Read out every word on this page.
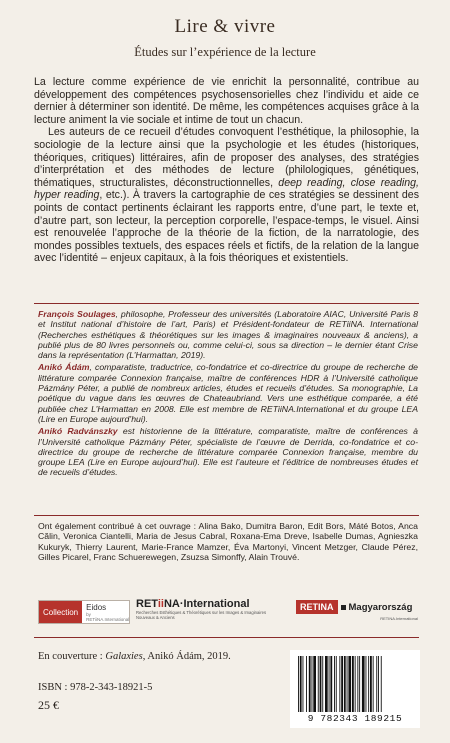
Lire & vivre
Études sur l’expérience de la lecture

La lecture comme expérience de vie enrichit la personnalité, contribue au développement des compétences psychosensorielles chez l’individu et aide ce dernier à déterminer son identité. De même, les compétences acquises grâce à la lecture animent la vie sociale et intime de tout un chacun.

Les auteurs de ce recueil d’études convoquent l’esthétique, la philosophie, la sociologie de la lecture ainsi que la psychologie et les études (historiques, théoriques, critiques) littéraires, afin de proposer des analyses, des stratégies d’interprétation et des méthodes de lecture (philologiques, génétiques, thématiques, structuralistes, déconstructionnelles, deep reading, close reading, hyper reading, etc.). À travers la cartographie de ces stratégies se dessinent des points de contact pertinents éclairant les rapports entre, d’une part, le texte et, d’autre part, son lecteur, la perception corporelle, l’espace-temps, le visuel. Ainsi est renouvelée l’approche de la théorie de la fiction, de la narratologie, des mondes possibles textuels, des espaces réels et fictifs, de la relation de la langue avec l’identité – enjeux capitaux, à la fois théoriques et existentiels.

François Soulages, philosophe, Professeur des universités (Laboratoire AIAC, Université Paris 8 et Institut national d’histoire de l’art, Paris) et Président-fondateur de RETiiNA. International (Recherches esthétiques & théorétiques sur les images & imaginaires nouveaux & anciens), a publié plus de 80 livres personnels ou, comme celui-ci, sous sa direction – le dernier étant Crise dans la représentation (L’Harmattan, 2019).

Anikó Ádám, comparatiste, traductrice, co-fondatrice et co-directrice du groupe de recherche de littérature comparée Connexion française, maître de conférences HDR à l’Université catholique Pázmány Péter, a publié de nombreux articles, études et recueils d’études. Sa monographie, La poétique du vague dans les œuvres de Chateaubriand. Vers une esthétique comparée, a été publiée chez L’Harmattan en 2008. Elle est membre de RETiiNA.International et du groupe LEA (Lire en Europe aujourd’hui).

Anikó Radvánszky est historienne de la littérature, comparatiste, maître de conférences à l’Université catholique Pázmány Péter, spécialiste de l’œuvre de Derrida, co-fondatrice et co-directrice du groupe de recherche de littérature comparée Connexion française, membre du groupe LEA (Lire en Europe aujourd’hui). Elle est l’auteure et l’éditrice de nombreuses études et de recueils d’études.

Ont également contribué à cet ouvrage : Alina Bako, Dumitra Baron, Edit Bors, Máté Botos, Anca Călin, Veronica Ciantelli, Maria de Jesus Cabral, Roxana-Ema Dreve, Isabelle Dumas, Agnieszka Kukuryk, Thierry Laurent, Marie-France Mamzer, Éva Martonyi, Vincent Metzger, Claude Pérez, Gilles Picarel, Franc Schuerewegen, Zsuzsa Simonffy, Alain Trouvé.
Collection
Eidos
by RETiiNA.International
RETiiNA·International
Recherches Esthétiques & Théorétiques sur les Images & Imaginaires Nouveaux & Anciens
RETINA	Magyarország
RETINA.International
En couverture : Galaxies, Anikó Ádám, 2019.
ISBN : 978-2-343-18921-5
25 €
9 782343 189215
